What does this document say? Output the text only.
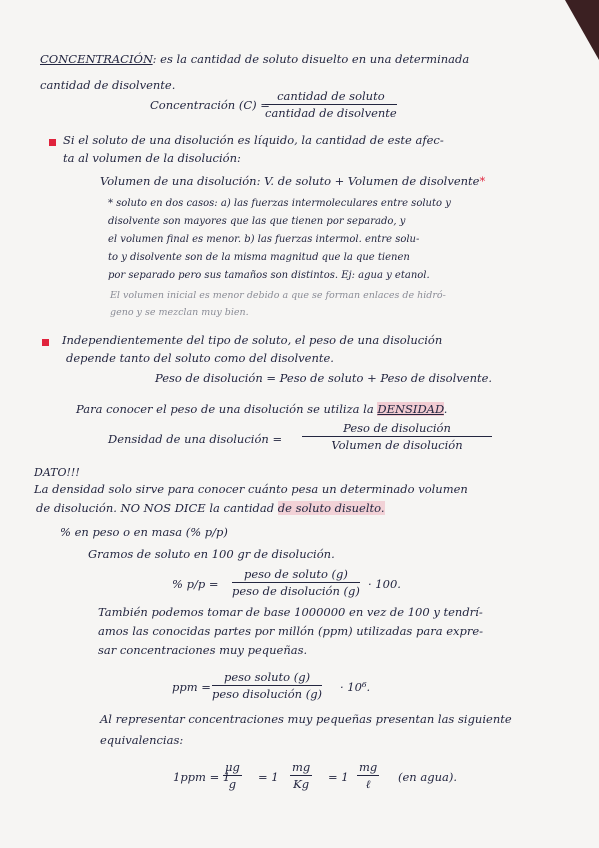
CONCENTRACIÓN: es la cantidad de soluto disuelto en una determinada
cantidad de disolvente.
Concentración (C) =
cantidad de soluto
cantidad de disolvente
Si el soluto de una disolución es líquido, la cantidad de este afec-
ta al volumen de la disolución:
Volumen de una disolución: V. de soluto + Volumen de disolvente*
* soluto en dos casos: a) las fuerzas intermoleculares entre soluto y
disolvente son mayores que las que tienen por separado, y
el volumen final es menor. b) las fuerzas intermol. entre solu-
to y disolvente son de la misma magnitud que la que tienen
por separado pero sus tamaños son distintos. Ej: agua y etanol.
El volumen inicial es menor debido a que se forman enlaces de hidró-
geno y se mezclan muy bien.
Independientemente del tipo de soluto, el peso de una disolución
depende tanto del soluto como del disolvente.
Peso de disolución = Peso de soluto + Peso de disolvente.
Para conocer el peso de una disolución se utiliza la DENSIDAD.
Densidad de una disolución =
Peso de disolución
Volumen de disolución
DATO!!!
La densidad solo sirve para conocer cuánto pesa un determinado volumen
de disolución. NO NOS DICE la cantidad de soluto disuelto.
% en peso o en masa (% p/p)
Gramos de soluto en 100 gr de disolución.
% p/p =
peso de soluto (g)
peso de disolución (g) · 100.
También podemos tomar de base 1000000 en vez de 100 y tendrí-
amos las conocidas partes por millón (ppm) utilizadas para expre-
sar concentraciones muy pequeñas.
ppm =
peso soluto (g)
peso disolución (g) · 10⁶.
Al representar concentraciones muy pequeñas presentan las siguiente
equivalencias:
1ppm = 1
$\frac{\mu g}{g} = 1 \frac{mg}{Kg} = 1$
mg
ℓ	(en agua).
